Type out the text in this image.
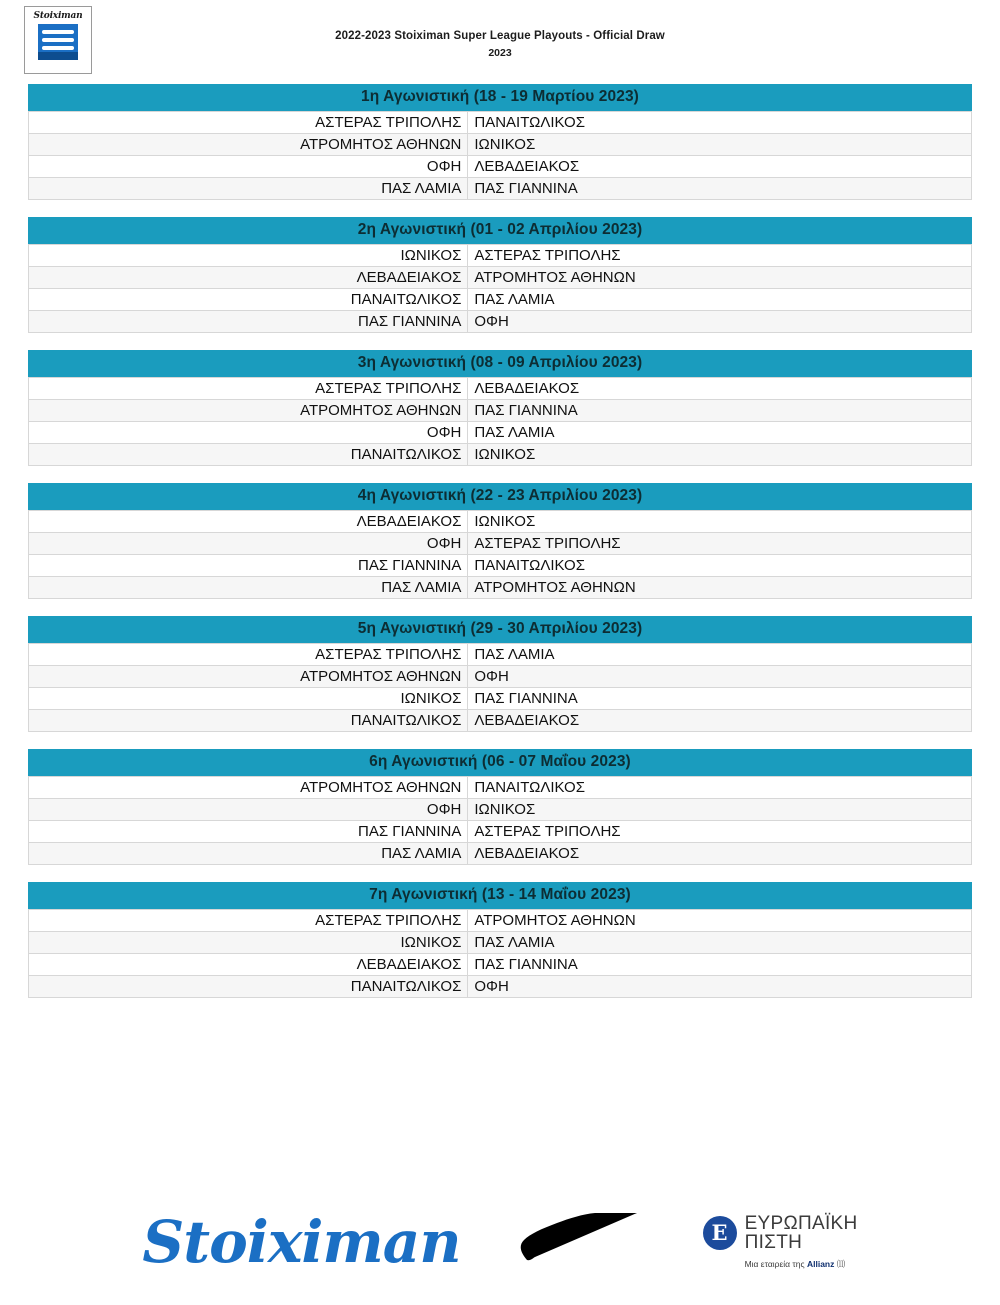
Stoiximan
2022-2023 Stoiximan Super League Playouts - Official Draw
2023
1η Αγωνιστική (18 - 19 Μαρτίου 2023)
ΑΣΤΕΡΑΣ ΤΡΙΠΟΛΗΣ	ΠΑΝΑΙΤΩΛΙΚΟΣ
ΑΤΡΟΜΗΤΟΣ ΑΘΗΝΩΝ	ΙΩΝΙΚΟΣ
ΟΦΗ	ΛΕΒΑΔΕΙΑΚΟΣ
ΠΑΣ ΛΑΜΙΑ	ΠΑΣ ΓΙΑΝΝΙΝΑ
2η Αγωνιστική (01 - 02 Απριλίου 2023)
ΙΩΝΙΚΟΣ	ΑΣΤΕΡΑΣ ΤΡΙΠΟΛΗΣ
ΛΕΒΑΔΕΙΑΚΟΣ	ΑΤΡΟΜΗΤΟΣ ΑΘΗΝΩΝ
ΠΑΝΑΙΤΩΛΙΚΟΣ	ΠΑΣ ΛΑΜΙΑ
ΠΑΣ ΓΙΑΝΝΙΝΑ	ΟΦΗ
3η Αγωνιστική (08 - 09 Απριλίου 2023)
ΑΣΤΕΡΑΣ ΤΡΙΠΟΛΗΣ	ΛΕΒΑΔΕΙΑΚΟΣ
ΑΤΡΟΜΗΤΟΣ ΑΘΗΝΩΝ	ΠΑΣ ΓΙΑΝΝΙΝΑ
ΟΦΗ	ΠΑΣ ΛΑΜΙΑ
ΠΑΝΑΙΤΩΛΙΚΟΣ	ΙΩΝΙΚΟΣ
4η Αγωνιστική (22 - 23 Απριλίου 2023)
ΛΕΒΑΔΕΙΑΚΟΣ	ΙΩΝΙΚΟΣ
ΟΦΗ	ΑΣΤΕΡΑΣ ΤΡΙΠΟΛΗΣ
ΠΑΣ ΓΙΑΝΝΙΝΑ	ΠΑΝΑΙΤΩΛΙΚΟΣ
ΠΑΣ ΛΑΜΙΑ	ΑΤΡΟΜΗΤΟΣ ΑΘΗΝΩΝ
5η Αγωνιστική (29 - 30 Απριλίου 2023)
ΑΣΤΕΡΑΣ ΤΡΙΠΟΛΗΣ	ΠΑΣ ΛΑΜΙΑ
ΑΤΡΟΜΗΤΟΣ ΑΘΗΝΩΝ	ΟΦΗ
ΙΩΝΙΚΟΣ	ΠΑΣ ΓΙΑΝΝΙΝΑ
ΠΑΝΑΙΤΩΛΙΚΟΣ	ΛΕΒΑΔΕΙΑΚΟΣ
6η Αγωνιστική (06 - 07 Μαΐου 2023)
ΑΤΡΟΜΗΤΟΣ ΑΘΗΝΩΝ	ΠΑΝΑΙΤΩΛΙΚΟΣ
ΟΦΗ	ΙΩΝΙΚΟΣ
ΠΑΣ ΓΙΑΝΝΙΝΑ	ΑΣΤΕΡΑΣ ΤΡΙΠΟΛΗΣ
ΠΑΣ ΛΑΜΙΑ	ΛΕΒΑΔΕΙΑΚΟΣ
7η Αγωνιστική (13 - 14 Μαΐου 2023)
ΑΣΤΕΡΑΣ ΤΡΙΠΟΛΗΣ	ΑΤΡΟΜΗΤΟΣ ΑΘΗΝΩΝ
ΙΩΝΙΚΟΣ	ΠΑΣ ΛΑΜΙΑ
ΛΕΒΑΔΕΙΑΚΟΣ	ΠΑΣ ΓΙΑΝΝΙΝΑ
ΠΑΝΑΙΤΩΛΙΚΟΣ	ΟΦΗ
Stoiximan	E ΕΥΡΩΠΑΪΚΗ
ΠΙΣΤΗ
Μια εταιρεία της Allianz ⑾
